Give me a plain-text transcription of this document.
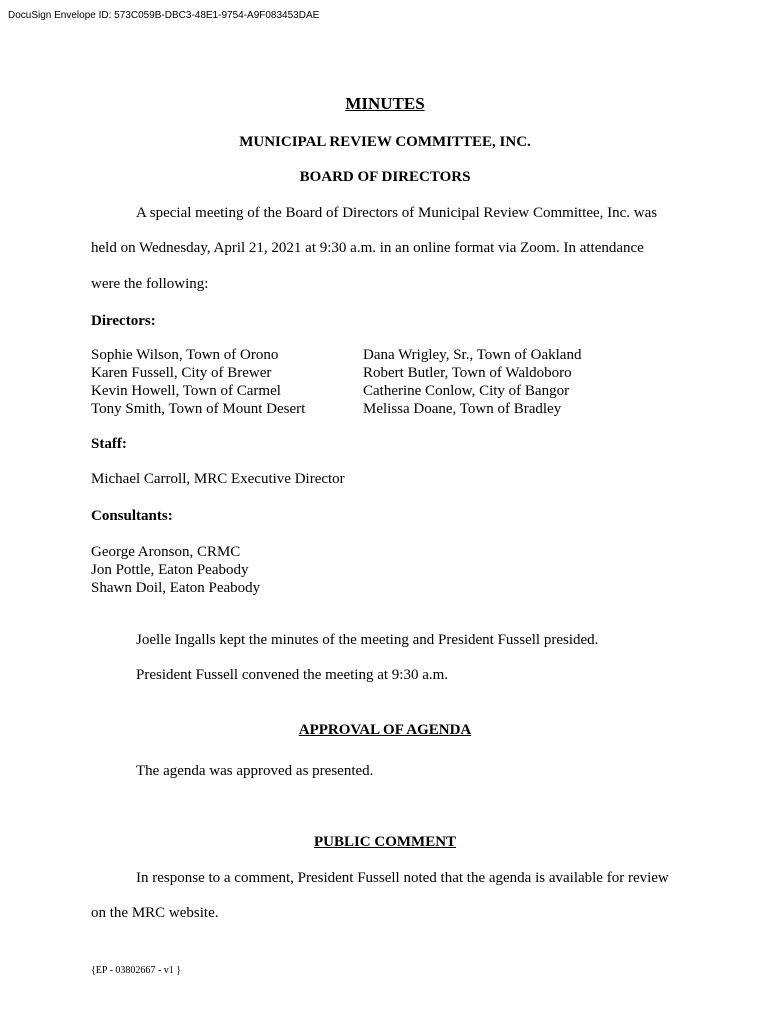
DocuSign Envelope ID: 573C059B-DBC3-48E1-9754-A9F083453DAE
MINUTES
MUNICIPAL REVIEW COMMITTEE, INC.
BOARD OF DIRECTORS
A special meeting of the Board of Directors of Municipal Review Committee, Inc. was
held on Wednesday, April 21, 2021 at 9:30 a.m. in an online format via Zoom. In attendance
were the following:
Directors:
Sophie Wilson, Town of Orono
Karen Fussell, City of Brewer
Kevin Howell, Town of Carmel
Tony Smith, Town of Mount Desert
Dana Wrigley, Sr., Town of Oakland
Robert Butler, Town of Waldoboro
Catherine Conlow, City of Bangor
Melissa Doane, Town of Bradley
Staff:
Michael Carroll, MRC Executive Director
Consultants:
George Aronson, CRMC
Jon Pottle, Eaton Peabody
Shawn Doil, Eaton Peabody
Joelle Ingalls kept the minutes of the meeting and President Fussell presided.
President Fussell convened the meeting at 9:30 a.m.
APPROVAL OF AGENDA
The agenda was approved as presented.
PUBLIC COMMENT
In response to a comment, President Fussell noted that the agenda is available for review
on the MRC website.
{EP - 03802667 - v1 }
